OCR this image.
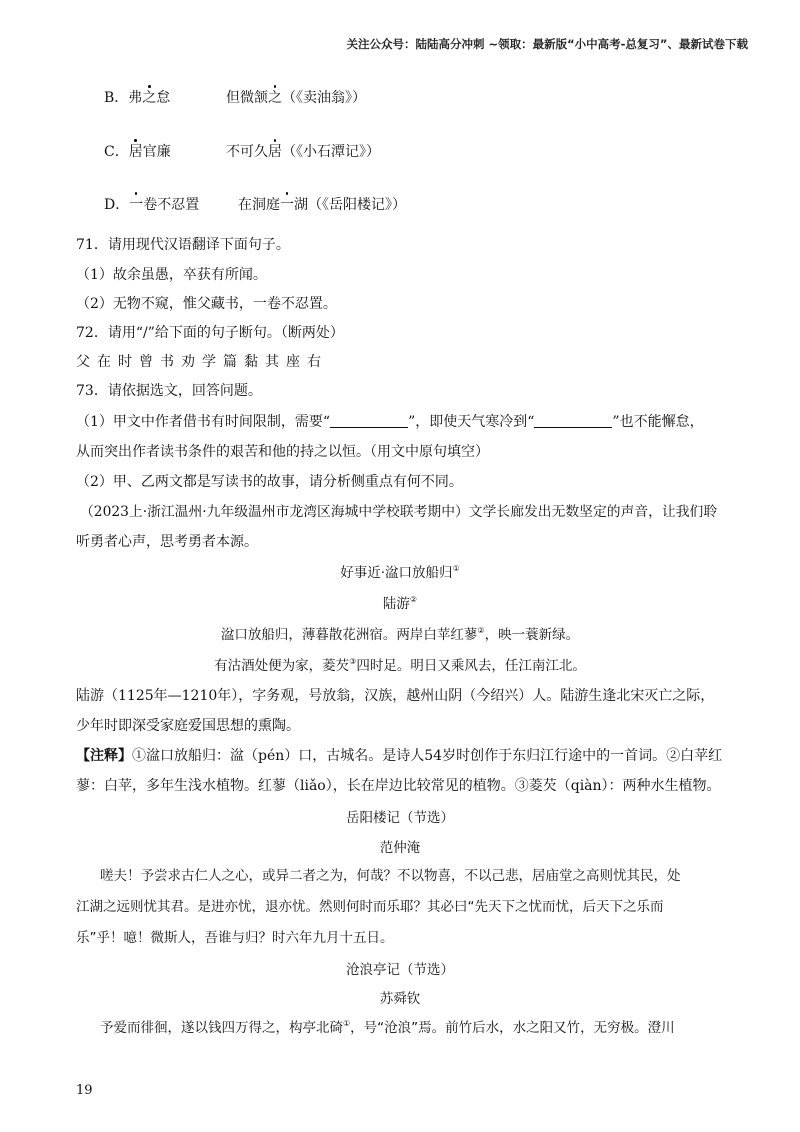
关注公众号：陆陆高分冲刺 ~领取：最新版“小中高考-总复习”、最新试卷下载
B．弗之怠	但微颔之（《卖油翁》）
C．居官廉	不可久居（《小石潭记》）
D．一卷不忍置	在洞庭一湖（《岳阳楼记》）
71．请用现代汉语翻译下面句子。
（1）故余虽愚，卒获有所闻。
（2）无物不窥，惟父藏书，一卷不忍置。
72．请用“/”给下面的句子断句。（断两处）
父在时曾书劝学篇黏其座右
73．请依据选文，回答问题。
（1）甲文中作者借书有时间限制，需要“	”，即使天气寒冷到“	”也不能懈怠，
从而突出作者读书条件的艰苦和他的持之以恒。（用文中原句填空）
（2）甲、乙两文都是写读书的故事，请分析侧重点有何不同。
（2023上·浙江温州·九年级温州市龙湾区海城中学校联考期中）文学长廊发出无数坚定的声音，让我们聆
听勇者心声，思考勇者本源。
好事近·湓口放船归①
陆游②
湓口放船归，薄暮散花洲宿。两岸白苹红蓼②，映一蓑新绿。
有沽酒处便为家，菱芡③四时足。明日又乘风去，任江南江北。
陆游（1125年—1210年），字务观，号放翁，汉族，越州山阴（今绍兴）人。陆游生逢北宋灭亡之际，
少年时即深受家庭爱国思想的熏陶。
【注释】①湓口放船归：湓（pén）口，古城名。是诗人54岁时创作于东归江行途中的一首词。②白苹红
蓼：白苹，多年生浅水植物。红蓼（liǎo），长在岸边比较常见的植物。③菱芡（qiàn）：两种水生植物。
岳阳楼记（节选）
范仲淹
嗟夫！予尝求古仁人之心，或异二者之为，何哉？不以物喜，不以己悲，居庙堂之高则忧其民，处
江湖之远则忧其君。是进亦忧，退亦忧。然则何时而乐耶？其必曰“先天下之忧而忧，后天下之乐而
乐”乎！噫！微斯人，吾谁与归？时六年九月十五日。
沧浪亭记（节选）
苏舜钦
予爱而徘徊，遂以钱四万得之，构亭北碕①，号“沧浪”焉。前竹后水，水之阳又竹，无穷极。澄川
19
